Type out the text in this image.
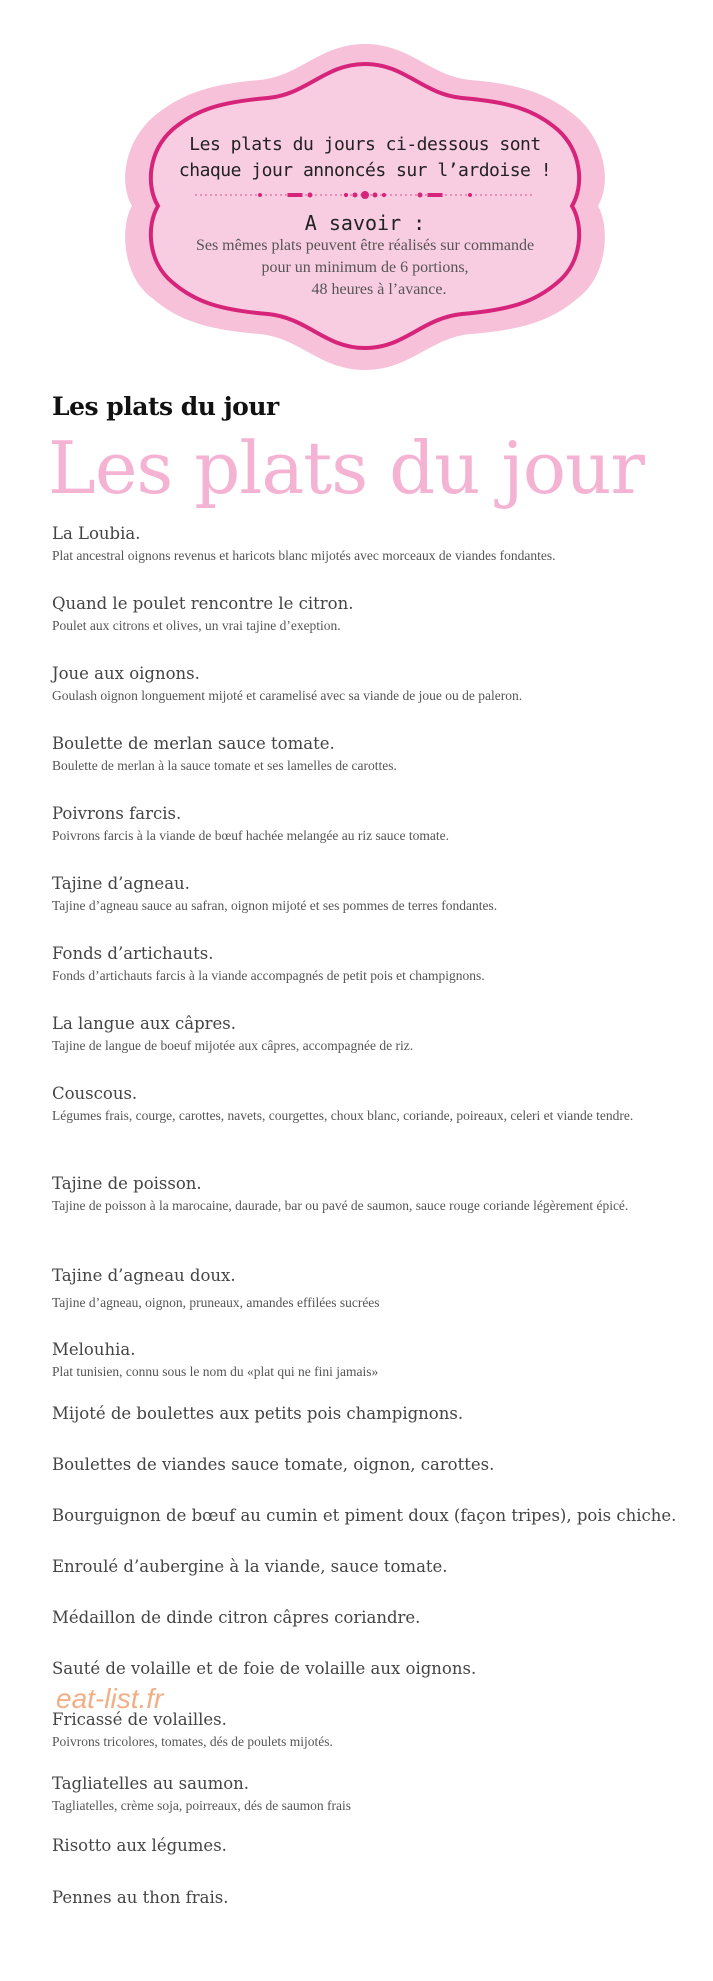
Les plats du jours ci-dessous sont
chaque jour annoncés sur l’ardoise !
A savoir :
Ses mêmes plats peuvent être réalisés sur commande
pour un minimum de 6 portions,
48 heures à l’avance.
Les plats du jour
Les plats du jour

La Loubia.

Plat ancestral oignons revenus et haricots blanc mijotés avec morceaux de viandes fondantes.

Quand le poulet rencontre le citron.

Poulet aux citrons et olives, un vrai tajine d’exeption.

Joue aux oignons.

Goulash oignon longuement mijoté et caramelisé avec sa viande de joue ou de paleron.

Boulette de merlan sauce tomate.

Boulette de merlan à la sauce tomate et ses lamelles de carottes.

Poivrons farcis.

Poivrons farcis à la viande de bœuf hachée melangée au riz sauce tomate.

Tajine d’agneau.

Tajine d’agneau sauce au safran, oignon mijoté et ses pommes de terres fondantes.

Fonds d’artichauts.

Fonds d’artichauts farcis à la viande accompagnés de petit pois et champignons.

La langue aux câpres.

Tajine de langue de boeuf mijotée aux câpres, accompagnée de riz.

Couscous.

Légumes frais, courge, carottes, navets, courgettes, choux blanc, coriande, poireaux, celeri et viande tendre.

Tajine de poisson.

Tajine de poisson à la marocaine, daurade, bar ou pavé de saumon, sauce rouge coriande légèrement épicé.

Tajine d’agneau doux.

Tajine d’agneau, oignon, pruneaux, amandes effilées sucrées

Melouhia.

Plat tunisien, connu sous le nom du «plat qui ne fini jamais»

Mijoté de boulettes aux petits pois champignons.

Boulettes de viandes sauce tomate, oignon, carottes.

Bourguignon de bœuf au cumin et piment doux (façon tripes), pois chiche.

Enroulé d’aubergine à la viande, sauce tomate.

Médaillon de dinde citron câpres coriandre.

Sauté de volaille et de foie de volaille aux oignons.

Fricassé de volailles.

Poivrons tricolores, tomates, dés de poulets mijotés.

Tagliatelles au saumon.

Tagliatelles, crème soja, poirreaux, dés de saumon frais

Risotto aux légumes.

Pennes au thon frais.

eat-list.fr
